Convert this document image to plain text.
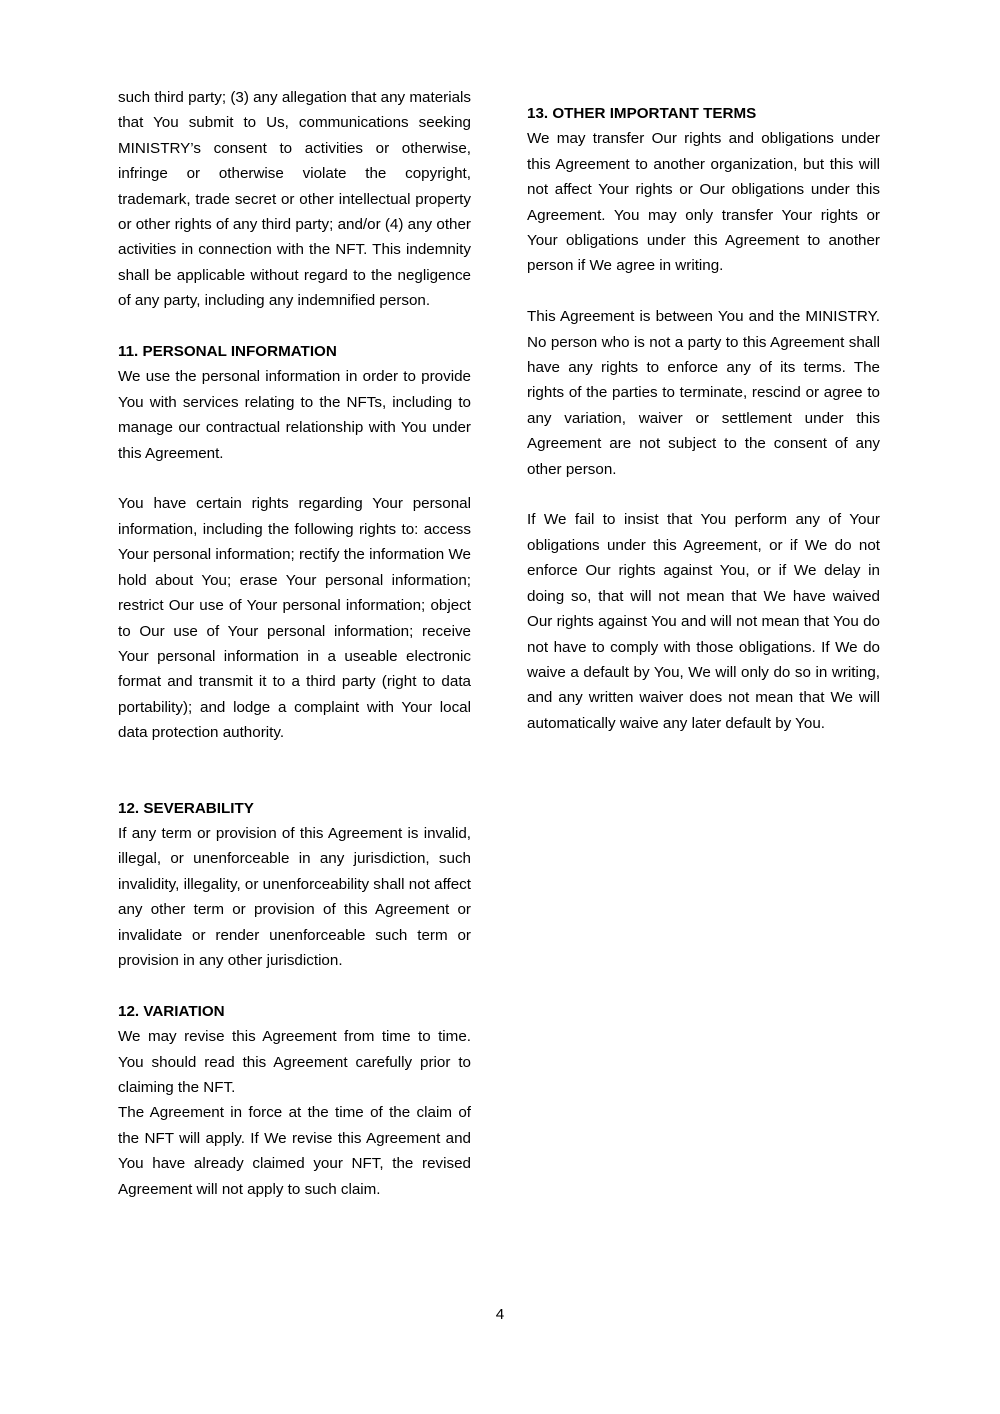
such third party; (3) any allegation that any materials that You submit to Us, communications seeking MINISTRY’s consent to activities or otherwise, infringe or otherwise violate the copyright, trademark, trade secret or other intellectual property or other rights of any third party; and/or (4) any other activities in connection with the NFT. This indemnity shall be applicable without regard to the negligence of any party, including any indemnified person.

11. PERSONAL INFORMATION

We use the personal information in order to provide You with services relating to the NFTs, including to manage our contractual relationship with You under this Agreement.

You have certain rights regarding Your personal information, including the following rights to: access Your personal information; rectify the information We hold about You; erase Your personal information; restrict Our use of Your personal information; object to Our use of Your personal information; receive Your personal information in a useable electronic format and transmit it to a third party (right to data portability); and lodge a complaint with Your local data protection authority.

12. SEVERABILITY

If any term or provision of this Agreement is invalid, illegal, or unenforceable in any jurisdiction, such invalidity, illegality, or unenforceability shall not affect any other term or provision of this Agreement or invalidate or render unenforceable such term or provision in any other jurisdiction.

12. VARIATION

We may revise this Agreement from time to time. You should read this Agreement carefully prior to claiming the NFT.

The Agreement in force at the time of the claim of the NFT will apply. If We revise this Agreement and You have already claimed your NFT, the revised Agreement will not apply to such claim.

13. OTHER IMPORTANT TERMS

We may transfer Our rights and obligations under this Agreement to another organization, but this will not affect Your rights or Our obligations under this Agreement. You may only transfer Your rights or Your obligations under this Agreement to another person if We agree in writing.

This Agreement is between You and the MINISTRY. No person who is not a party to this Agreement shall have any rights to enforce any of its terms. The rights of the parties to terminate, rescind or agree to any variation, waiver or settlement under this Agreement are not subject to the consent of any other person.

If We fail to insist that You perform any of Your obligations under this Agreement, or if We do not enforce Our rights against You, or if We delay in doing so, that will not mean that We have waived Our rights against You and will not mean that You do not have to comply with those obligations. If We do waive a default by You, We will only do so in writing, and any written waiver does not mean that We will automatically waive any later default by You.

4
